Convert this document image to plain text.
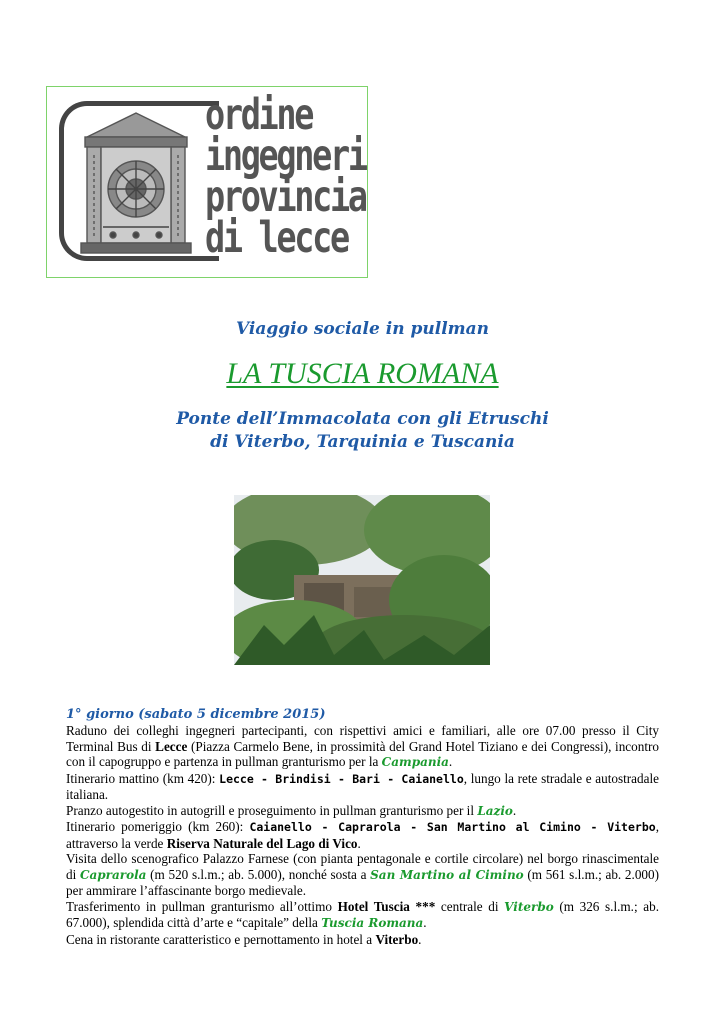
ordine
ingegneri
provincia
di lecce
Viaggio sociale in pullman
LA TUSCIA ROMANA
Ponte dell’Immacolata con gli Etruschi
di Viterbo, Tarquinia e Tuscania
1° giorno (sabato 5 dicembre 2015)

Raduno dei colleghi ingegneri partecipanti, con rispettivi amici e familiari, alle ore 07.00 presso il City Terminal Bus di Lecce (Piazza Carmelo Bene, in prossimità del Grand Hotel Tiziano e dei Congressi), incontro con il capogruppo e partenza in pullman granturismo per la Campania.

Itinerario mattino (km 420): Lecce - Brindisi - Bari - Caianello, lungo la rete stradale e autostradale italiana.

Pranzo autogestito in autogrill e proseguimento in pullman granturismo per il Lazio.

Itinerario pomeriggio (km 260): Caianello - Caprarola - San Martino al Cimino - Viterbo, attraverso la verde Riserva Naturale del Lago di Vico.

Visita dello scenografico Palazzo Farnese (con pianta pentagonale e cortile circolare) nel borgo rinascimentale di Caprarola (m 520 s.l.m.; ab. 5.000), nonché sosta a San Martino al Cimino (m 561 s.l.m.; ab. 2.000) per ammirare l’affascinante borgo medievale.

Trasferimento in pullman granturismo all’ottimo Hotel Tuscia *** centrale di Viterbo (m 326 s.l.m.; ab. 67.000), splendida città d’arte e “capitale” della Tuscia Romana.

Cena in ristorante caratteristico e pernottamento in hotel a Viterbo.
